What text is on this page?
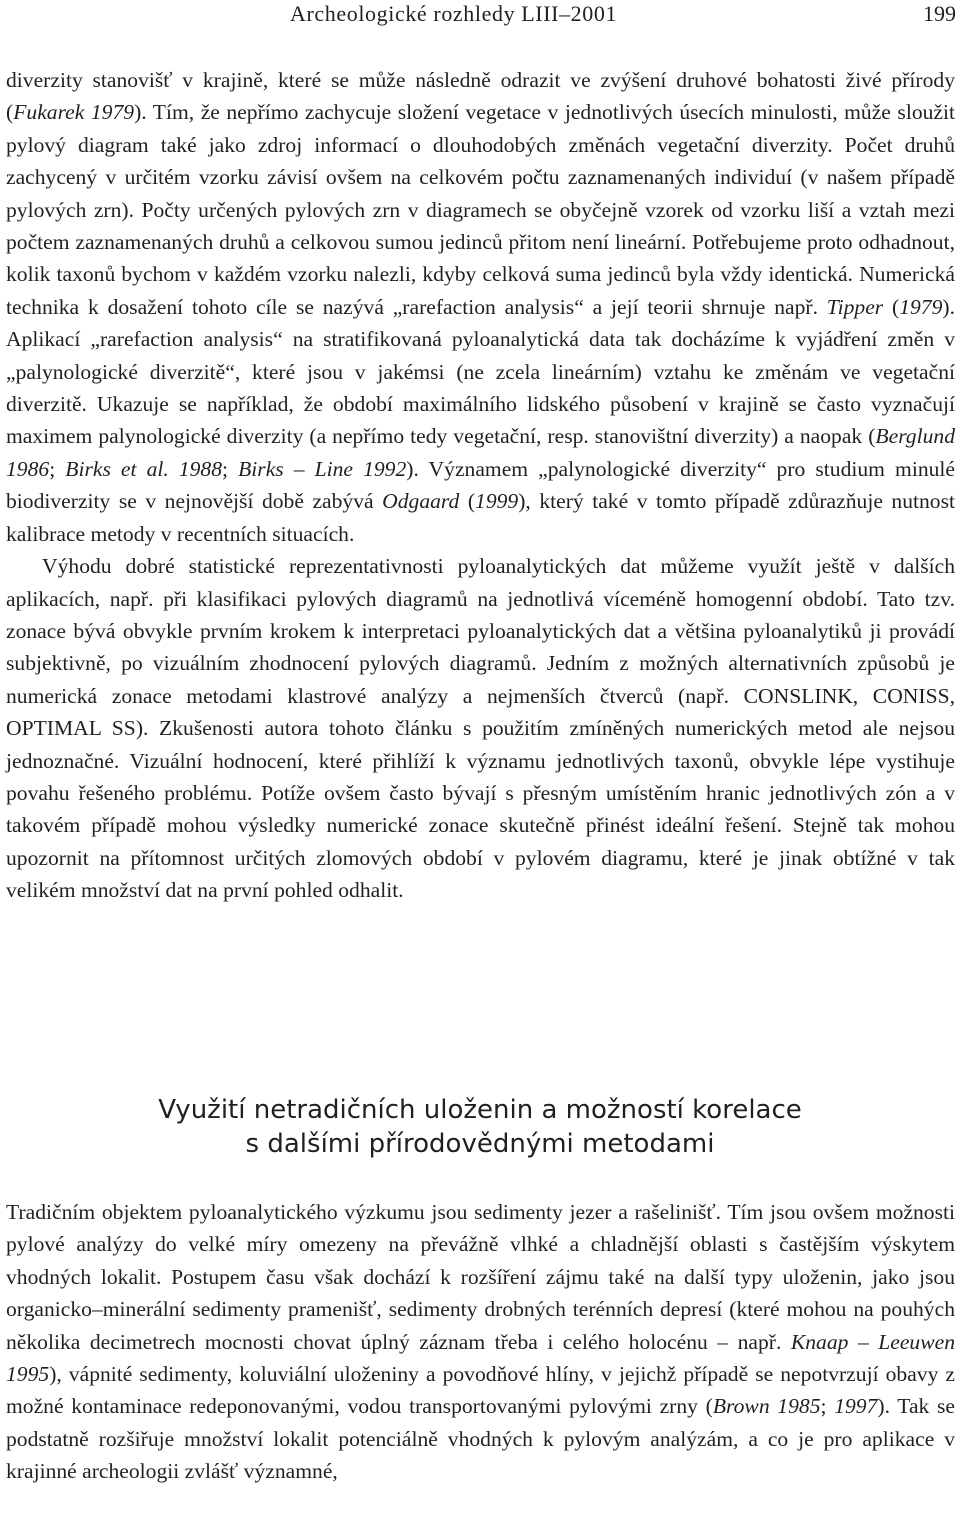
Archeologické rozhledy LIII–2001	199

diverzity stanovišť v krajině, které se může následně odrazit ve zvýšení druhové bohatosti živé přírody (Fukarek 1979). Tím, že nepřímo zachycuje složení vegetace v jednotlivých úsecích minulosti, může sloužit pylový diagram také jako zdroj informací o dlouhodobých změnách vegetační diverzity. Počet druhů zachycený v určitém vzorku závisí ovšem na celkovém počtu zaznamenaných individuí (v našem případě pylových zrn). Počty určených pylových zrn v diagramech se obyčejně vzorek od vzorku liší a vztah mezi počtem zaznamenaných druhů a celkovou sumou jedinců přitom není lineární. Potřebujeme proto odhadnout, kolik taxonů bychom v každém vzorku nalezli, kdyby celková suma jedinců byla vždy identická. Numerická technika k dosažení tohoto cíle se nazývá „rarefaction analysis“ a její teorii shrnuje např. Tipper (1979). Aplikací „rarefaction analysis“ na stratifikovaná pyloanalytická data tak docházíme k vyjádření změn v „palynologické diverzitě“, které jsou v jakémsi (ne zcela lineárním) vztahu ke změnám ve vegetační diverzitě. Ukazuje se například, že období maximálního lidského působení v krajině se často vyznačují maximem palynologické diverzity (a nepřímo tedy vegetační, resp. stanovištní diverzity) a naopak (Berglund 1986; Birks et al. 1988; Birks – Line 1992). Významem „palynologické diverzity“ pro studium minulé biodiverzity se v nejnovější době zabývá Odgaard (1999), který také v tomto případě zdůrazňuje nutnost kalibrace metody v recentních situacích.

Výhodu dobré statistické reprezentativnosti pyloanalytických dat můžeme využít ještě v dalších aplikacích, např. při klasifikaci pylových diagramů na jednotlivá víceméně homogenní období. Tato tzv. zonace bývá obvykle prvním krokem k interpretaci pyloanalytických dat a většina pyloanalytiků ji provádí subjektivně, po vizuálním zhodnocení pylových diagramů. Jedním z možných alternativních způsobů je numerická zonace metodami klastrové analýzy a nejmenších čtverců (např. CONSLINK, CONISS, OPTIMAL SS). Zkušenosti autora tohoto článku s použitím zmíněných numerických metod ale nejsou jednoznačné. Vizuální hodnocení, které přihlíží k významu jednotlivých taxonů, obvykle lépe vystihuje povahu řešeného problému. Potíže ovšem často bývají s přesným umístěním hranic jednotlivých zón a v takovém případě mohou výsledky numerické zonace skutečně přinést ideální řešení. Stejně tak mohou upozornit na přítomnost určitých zlomových období v pylovém diagramu, které je jinak obtížné v tak velikém množství dat na první pohled odhalit.

Využití netradičních uloženin a možností korelace
s dalšími přírodovědnými metodami

Tradičním objektem pyloanalytického výzkumu jsou sedimenty jezer a rašelinišť. Tím jsou ovšem možnosti pylové analýzy do velké míry omezeny na převážně vlhké a chladnější oblasti s častějším výskytem vhodných lokalit. Postupem času však dochází k rozšíření zájmu také na další typy uloženin, jako jsou organicko–minerální sedimenty pramenišť, sedimenty drobných terénních depresí (které mohou na pouhých několika decimetrech mocnosti chovat úplný záznam třeba i celého holocénu – např. Knaap – Leeuwen 1995), vápnité sedimenty, koluviální uloženiny a povodňové hlíny, v jejichž případě se nepotvrzují obavy z možné kontaminace redeponovanými, vodou transportovanými pylovými zrny (Brown 1985; 1997). Tak se podstatně rozšiřuje množství lokalit potenciálně vhodných k pylovým analýzám, a co je pro aplikace v krajinné archeologii zvlášť významné,
